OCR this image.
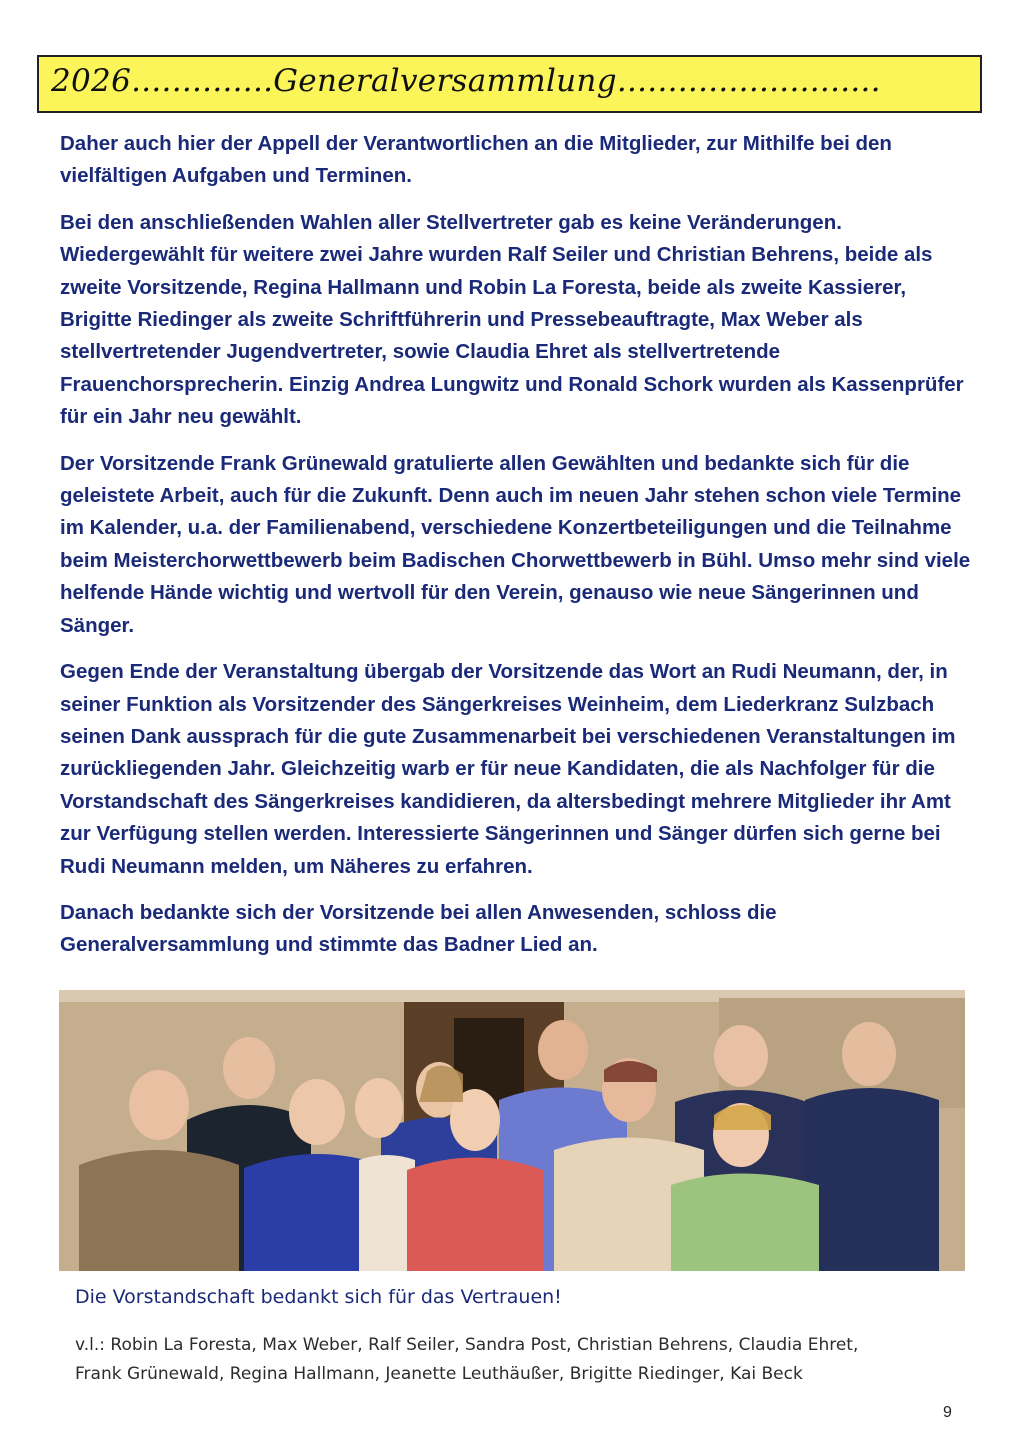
2026..............Generalversammlung..........................

Daher auch hier der Appell der Verantwortlichen an die Mitglieder, zur Mithilfe bei den vielfältigen Aufgaben und Terminen.

Bei den anschließenden Wahlen aller Stellvertreter gab es keine Veränderungen. Wiedergewählt für weitere zwei Jahre wurden Ralf Seiler und Christian Behrens, beide als zweite Vorsitzende, Regina Hallmann und Robin La Foresta, beide als zweite Kassierer, Brigitte Riedinger als zweite Schriftführerin und Pressebeauftragte, Max Weber als stellvertretender Jugendvertreter, sowie Claudia Ehret als stellvertretende Frauenchorsprecherin. Einzig Andrea Lungwitz und Ronald Schork wurden als Kassenprüfer für ein Jahr neu gewählt.

Der Vorsitzende Frank Grünewald gratulierte allen Gewählten und bedankte sich für die geleistete Arbeit, auch für die Zukunft. Denn auch im neuen Jahr stehen schon viele Termine im Kalender, u.a. der Familienabend, verschiedene Konzertbeteiligungen und die Teilnahme beim Meisterchorwettbewerb beim Badischen Chorwettbewerb in Bühl. Umso mehr sind viele helfende Hände wichtig und wertvoll für den Verein, genauso wie neue Sängerinnen und Sänger.

Gegen Ende der Veranstaltung übergab der Vorsitzende das Wort an Rudi Neumann, der, in seiner Funktion als Vorsitzender des Sängerkreises Weinheim, dem Liederkranz Sulzbach seinen Dank aussprach für die gute Zusammenarbeit bei verschiedenen Veranstaltungen im zurückliegenden Jahr. Gleichzeitig warb er für neue Kandidaten, die als Nachfolger für die Vorstandschaft des Sängerkreises kandidieren, da altersbedingt mehrere Mitglieder ihr Amt zur Verfügung stellen werden. Interessierte Sängerinnen und Sänger dürfen sich gerne bei Rudi Neumann melden, um Näheres zu erfahren.

Danach bedankte sich der Vorsitzende bei allen Anwesenden, schloss die Generalversammlung und stimmte das Badner Lied an.

Die Vorstandschaft bedankt sich für das Vertrauen!
v.l.: Robin La Foresta, Max Weber, Ralf Seiler, Sandra Post, Christian Behrens, Claudia Ehret,
Frank Grünewald, Regina Hallmann, Jeanette Leuthäußer, Brigitte Riedinger, Kai Beck
9
